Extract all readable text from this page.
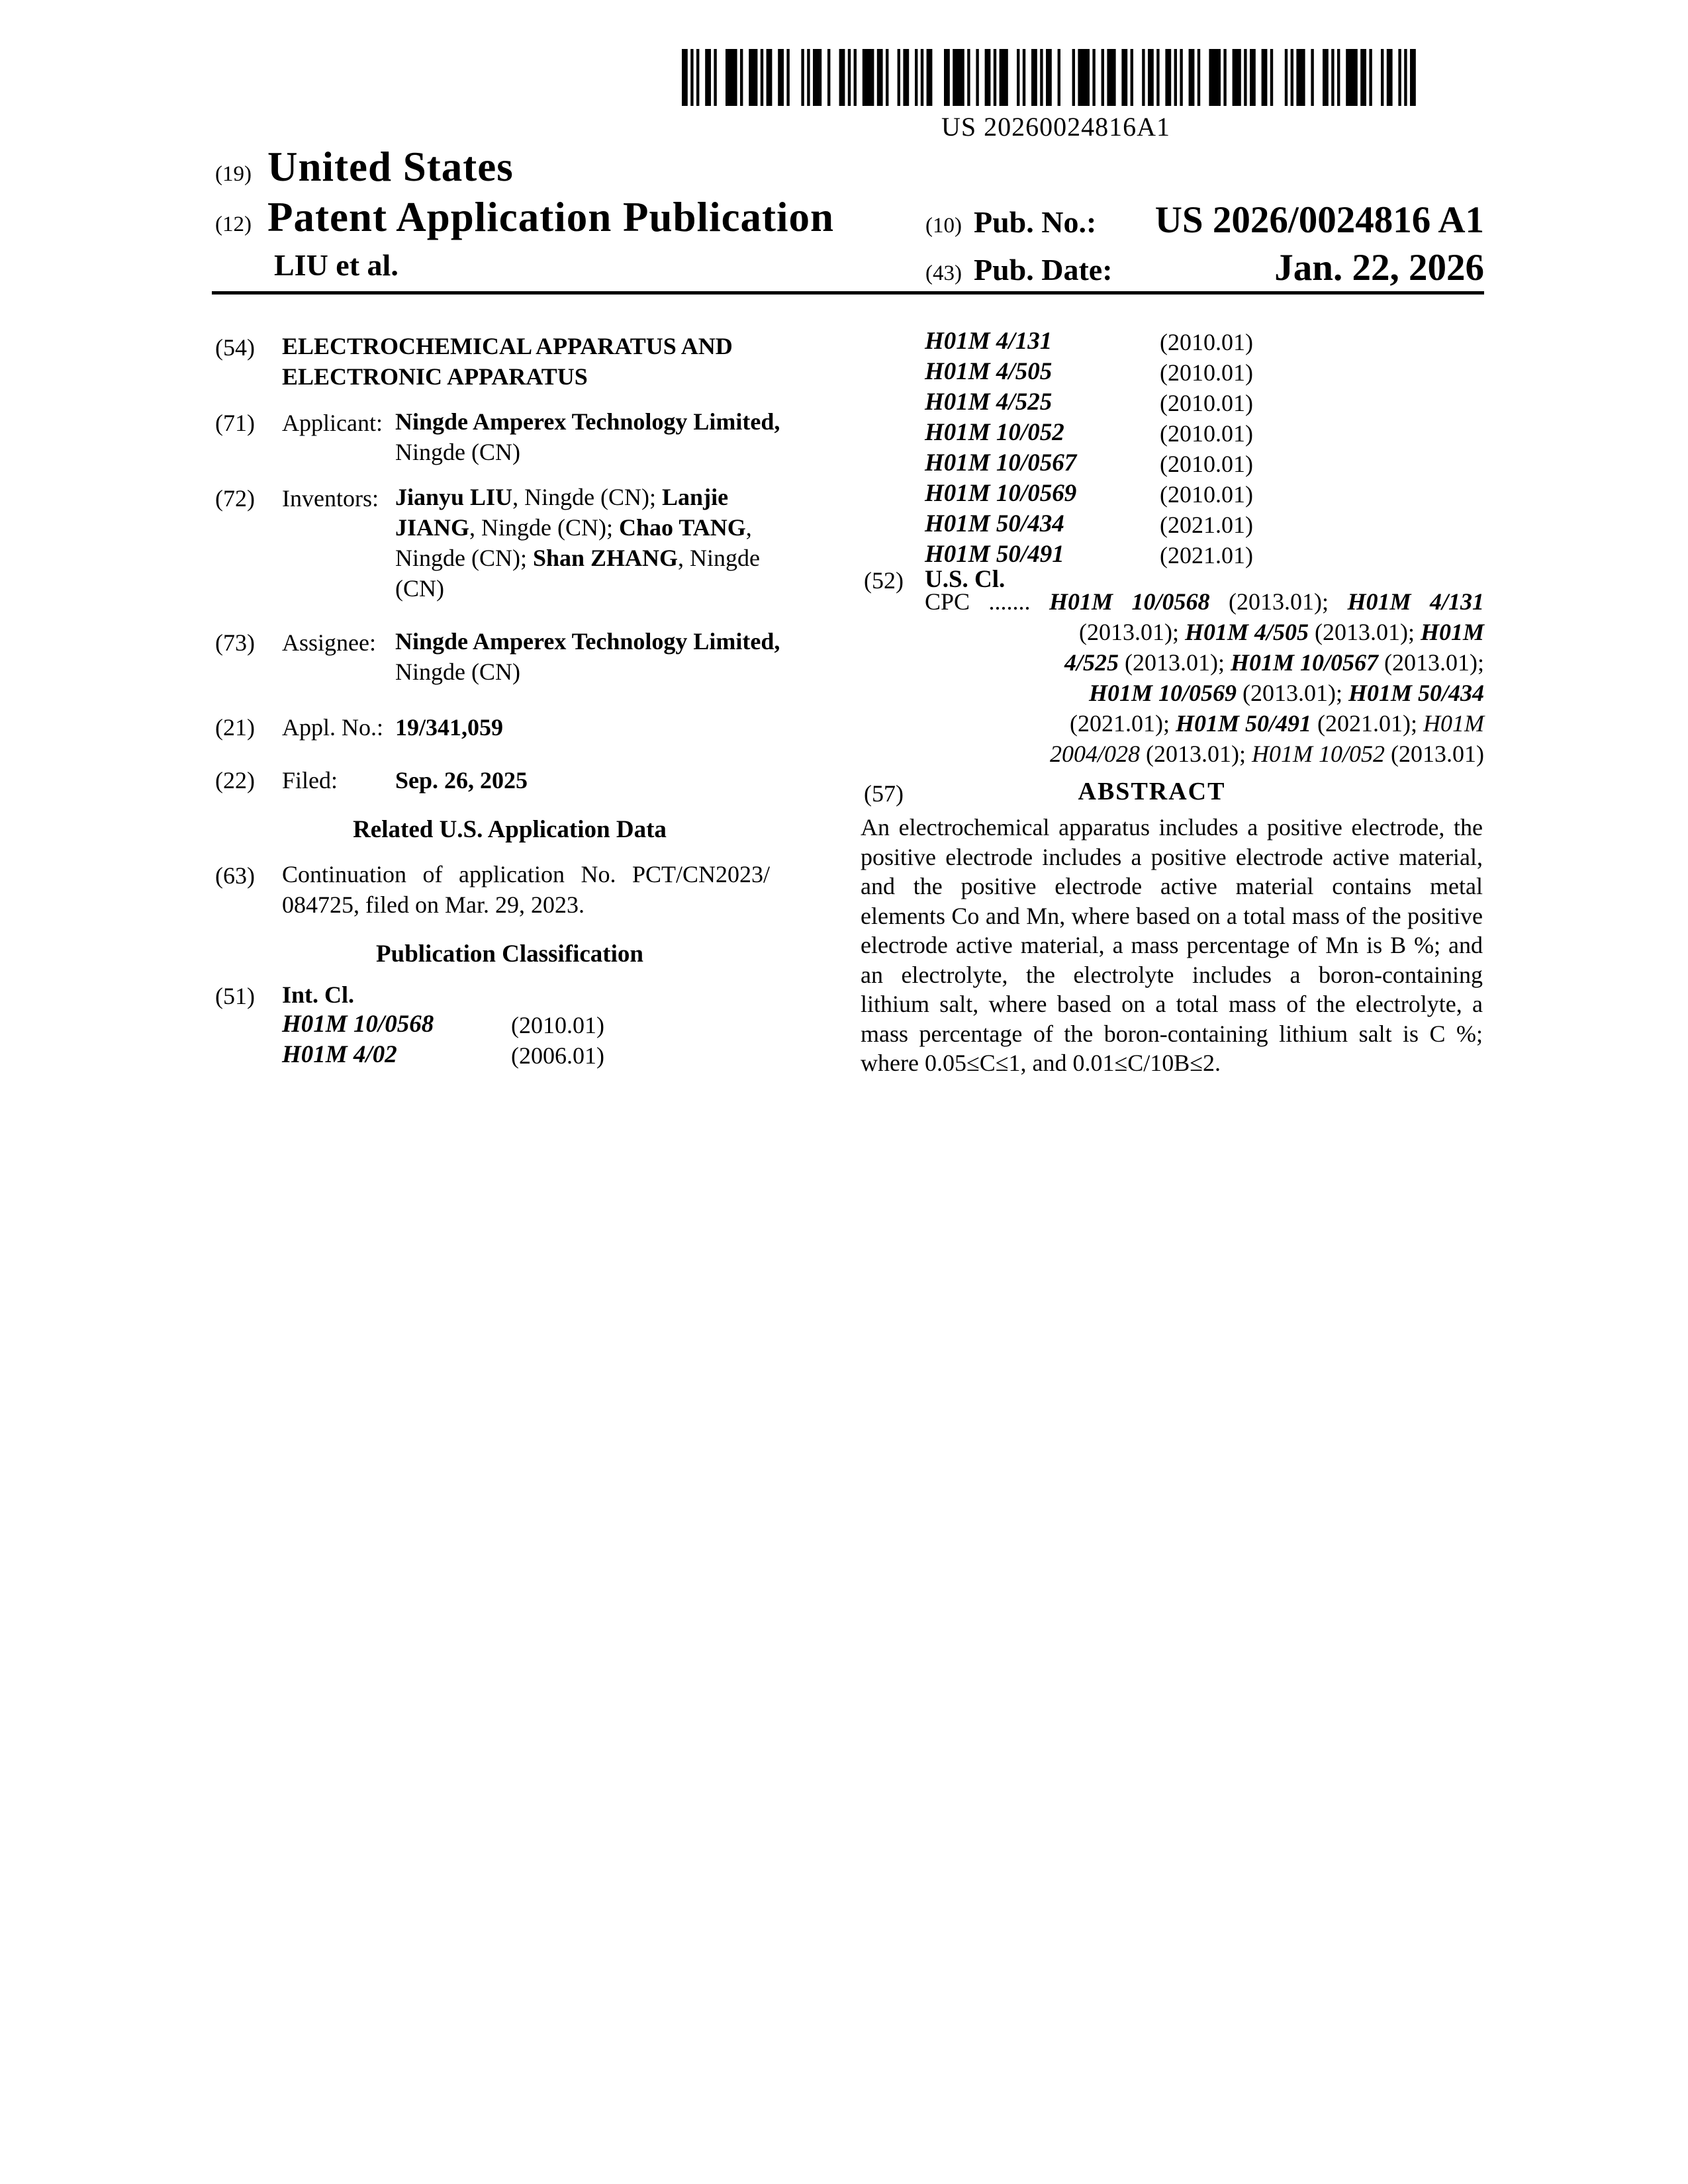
US 20260024816A1
(19) United States
(12) Patent Application Publication
LIU et al.
(10) Pub. No.: US 2026/0024816 A1
(43) Pub. Date:	Jan. 22, 2026
(54) ELECTROCHEMICAL APPARATUS AND
ELECTRONIC APPARATUS
(71) Applicant: Ningde Amperex Technology Limited,
Ningde (CN)
(72) Inventors: Jianyu LIU, Ningde (CN); Lanjie
JIANG, Ningde (CN); Chao TANG,
Ningde (CN); Shan ZHANG, Ningde
(CN)
(73) Assignee: Ningde Amperex Technology Limited,
Ningde (CN)
(21) Appl. No.: 19/341,059
(22) Filed: Sep. 26, 2025
Related U.S. Application Data
(63) Continuation of application No. PCT/CN2023/
084725, filed on Mar. 29, 2023.
Publication Classification
(51) Int. Cl.
H01M 10/0568	(2010.01)
H01M 4/02	(2006.01)
H01M 4/131	(2010.01)
H01M 4/505	(2010.01)
H01M 4/525	(2010.01)
H01M 10/052	(2010.01)
H01M 10/0567	(2010.01)
H01M 10/0569	(2010.01)
H01M 50/434	(2021.01)
H01M 50/491	(2021.01)
(52) U.S. Cl.
CPC ....... H01M 10/0568 (2013.01); H01M 4/131
(2013.01); H01M 4/505 (2013.01); H01M
4/525 (2013.01); H01M 10/0567 (2013.01);
H01M 10/0569 (2013.01); H01M 50/434
(2021.01); H01M 50/491 (2021.01); H01M
2004/028 (2013.01); H01M 10/052 (2013.01)
(57)	ABSTRACT
An electrochemical apparatus includes a positive electrode, the positive electrode includes a positive electrode active material, and the positive electrode active material contains metal elements Co and Mn, where based on a total mass of the positive electrode active material, a mass percentage of Mn is B %; and an electrolyte, the electrolyte includes a boron-containing lithium salt, where based on a total mass of the electrolyte, a mass percentage of the boron-containing lithium salt is C %; where 0.05≤C≤1, and 0.01≤C/10B≤2.
